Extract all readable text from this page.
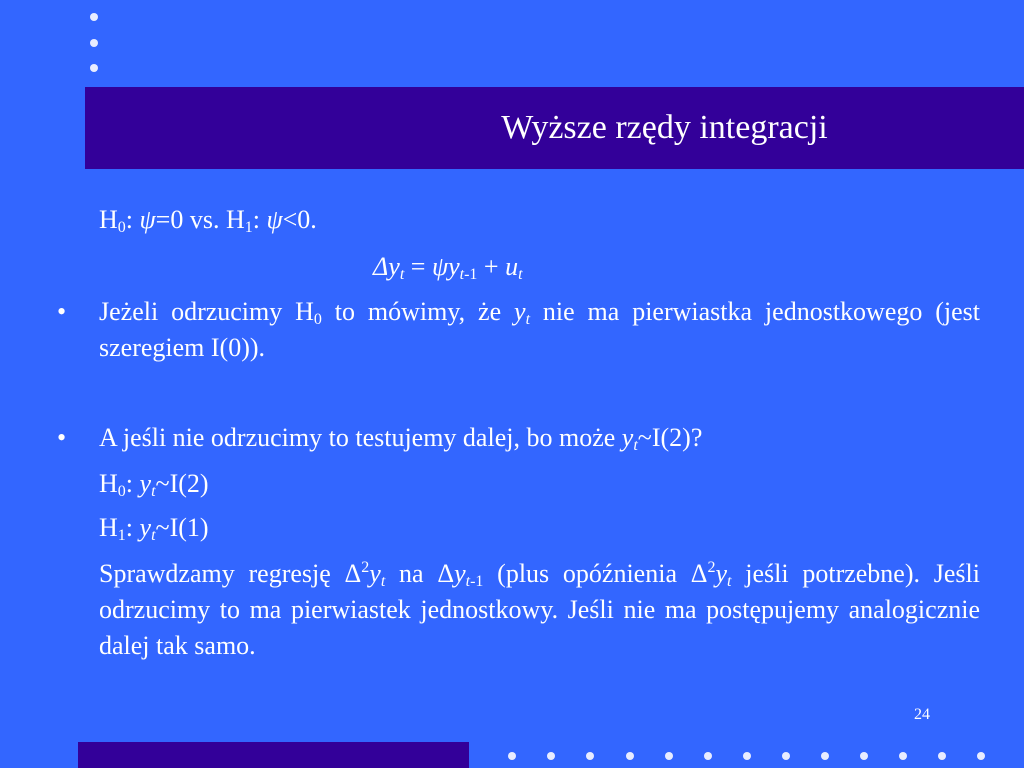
Wyższe rzędy integracji
$H_0$: ψ=0 vs. $H_1$: ψ<0.
$\Delta y_t = \psi y_{t-1} + u_t$
• Jeżeli odrzucimy $H_0$ to mówimy, że $y_t$ nie ma pierwiastka jednostkowego (jest szeregiem I(0)).
• A jeśli nie odrzucimy to testujemy dalej, bo może $y_t\sim I(2)$?
$H_0$: $y_t\sim I(2)$
$H_1$: $y_t\sim I(1)$
Sprawdzamy regresję $\Delta^2y_t$ na $\Delta y_{t-1}$ (plus opóźnienia $\Delta^2y_t$ jeśli potrzebne). Jeśli odrzucimy to ma pierwiastek jednostkowy. Jeśli nie ma postępujemy analogicznie dalej tak samo.
24
